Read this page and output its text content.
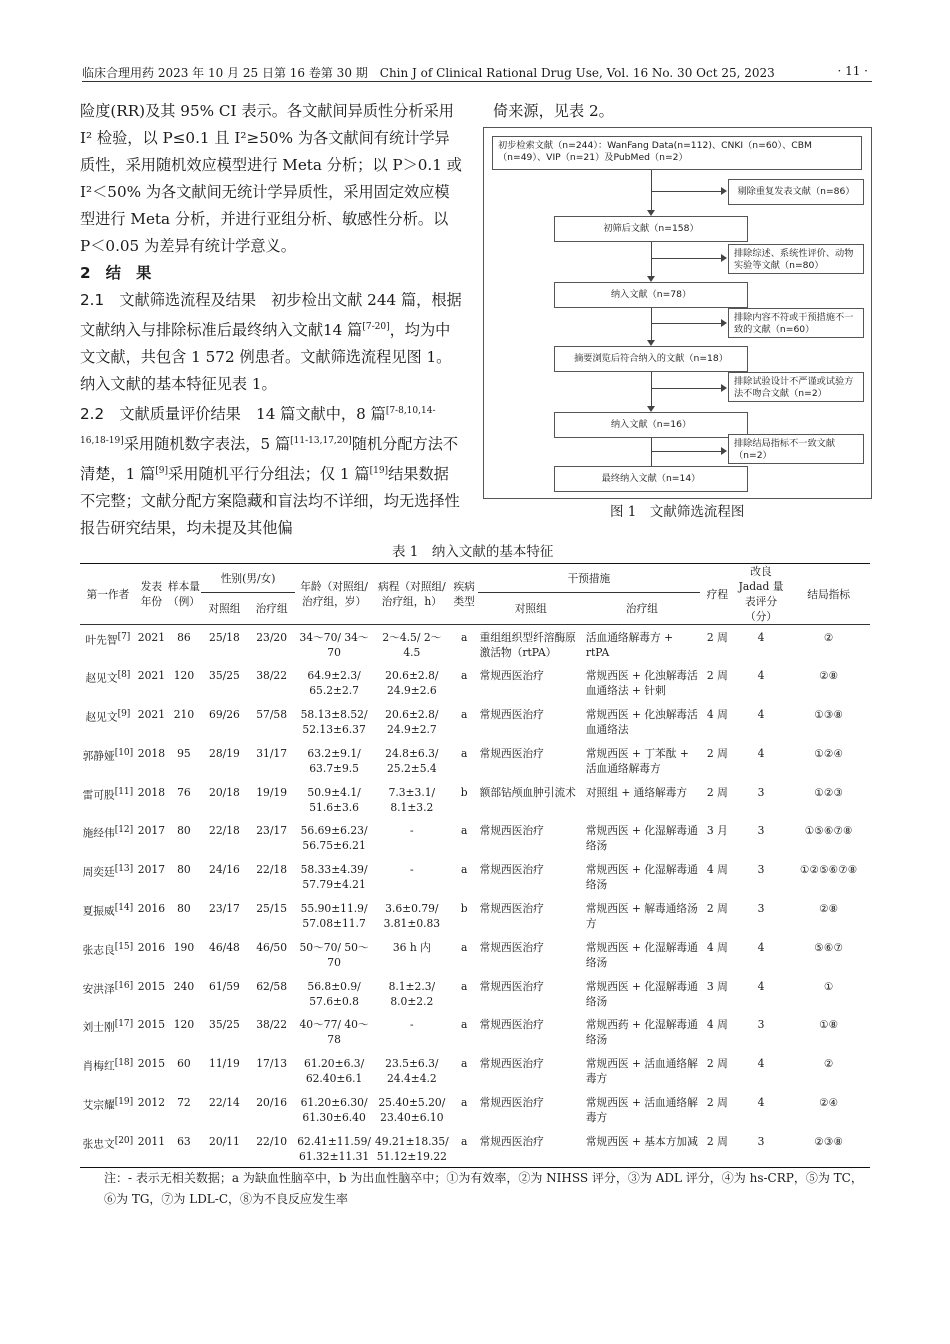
临床合理用药 2023 年 10 月 25 日第 16 卷第 30 期　Chin J of Clinical Rational Drug Use, Vol. 16 No. 30 Oct 25, 2023	· 11 ·

险度(RR)及其 95% CI 表示。各文献间异质性分析采用 I² 检验，以 P≤0.1 且 I²≥50% 为各文献间有统计学异质性，采用随机效应模型进行 Meta 分析；以 P＞0.1 或 I²＜50% 为各文献间无统计学异质性，采用固定效应模型进行 Meta 分析，并进行亚组分析、敏感性分析。以 P＜0.05 为差异有统计学意义。

2　结　果

2.1　文献筛选流程及结果　初步检出文献 244 篇，根据文献纳入与排除标准后最终纳入文献14 篇[7-20]，均为中文文献，共包含 1 572 例患者。文献筛选流程见图 1。纳入文献的基本特征见表 1。

2.2　文献质量评价结果　14 篇文献中，8 篇[7-8,10,14-16,18-19]采用随机数字表法，5 篇[11-13,17,20]随机分配方法不清楚，1 篇[9]采用随机平行分组法；仅 1 篇[19]结果数据不完整；文献分配方案隐藏和盲法均不详细，均无选择性报告研究结果，均未提及其他偏

倚来源，见表 2。
初步检索文献（n=244）：WanFang Data(n=112)、CNKI（n=60）、CBM（n=49）、VIP（n=21）及PubMed（n=2）
剔除重复发表文献（n=86）
初筛后文献（n=158）
排除综述、系统性评价、动物实验等文献（n=80）
纳入文献（n=78）
排除内容不符或干预措施不一致的文献（n=60）
摘要浏览后符合纳入的文献（n=18）
排除试验设计不严谨或试验方法不吻合文献（n=2）
纳入文献（n=16）
排除结局指标不一致文献（n=2）
最终纳入文献（n=14）
图 1　文献筛选流程图
表 1　纳入文献的基本特征
第一作者	发表年份	样本量（例）	性别(男/女)		年龄（对照组/治疗组，岁）	病程（对照组/治疗组，h）	疾病类型	干预措施		疗程	改良 Jadad 量表评分（分）	结局指标
			对照组	治疗组				对照组	治疗组			
叶先智[7]	2021	86	25/18	23/20	34～70/ 34～70	2～4.5/ 2～4.5	a	重组组织型纤溶酶原激活物（rtPA）	活血通络解毒方 + rtPA	2 周	4	②
赵见文[8]	2021	120	35/25	38/22	64.9±2.3/ 65.2±2.7	20.6±2.8/ 24.9±2.6	a	常规西医治疗	常规西医 + 化浊解毒活血通络法 + 针刺	2 周	4	②⑧
赵见文[9]	2021	210	69/26	57/58	58.13±8.52/ 52.13±6.37	20.6±2.8/ 24.9±2.7	a	常规西医治疗	常规西医 + 化浊解毒活血通络法	4 周	4	①③⑧
郭静娅[10]	2018	95	28/19	31/17	63.2±9.1/ 63.7±9.5	24.8±6.3/ 25.2±5.4	a	常规西医治疗	常规西医 + 丁苯酞 + 活血通络解毒方	2 周	4	①②④
雷可股[11]	2018	76	20/18	19/19	50.9±4.1/ 51.6±3.6	7.3±3.1/ 8.1±3.2	b	额部钻颅血肿引流术	对照组 + 通络解毒方	2 周	3	①②③
施经伟[12]	2017	80	22/18	23/17	56.69±6.23/ 56.75±6.21	-	a	常规西医治疗	常规西医 + 化湿解毒通络汤	3 月	3	①⑤⑥⑦⑧
周奕廷[13]	2017	80	24/16	22/18	58.33±4.39/ 57.79±4.21	-	a	常规西医治疗	常规西医 + 化湿解毒通络汤	4 周	3	①②⑤⑥⑦⑧
夏振威[14]	2016	80	23/17	25/15	55.90±11.9/ 57.08±11.7	3.6±0.79/ 3.81±0.83	b	常规西医治疗	常规西医 + 解毒通络汤方	2 周	3	②⑧
张志良[15]	2016	190	46/48	46/50	50～70/ 50～70	36 h 内	a	常规西医治疗	常规西医 + 化湿解毒通络汤	4 周	4	⑤⑥⑦
安洪泽[16]	2015	240	61/59	62/58	56.8±0.9/ 57.6±0.8	8.1±2.3/ 8.0±2.2	a	常规西医治疗	常规西医 + 化湿解毒通络汤	3 周	4	①
刘士刚[17]	2015	120	35/25	38/22	40～77/ 40～78	-	a	常规西医治疗	常规西药 + 化湿解毒通络汤	4 周	3	①⑧
肖梅红[18]	2015	60	11/19	17/13	61.20±6.3/ 62.40±6.1	23.5±6.3/ 24.4±4.2	a	常规西医治疗	常规西医 + 活血通络解毒方	2 周	4	②
艾宗耀[19]	2012	72	22/14	20/16	61.20±6.30/ 61.30±6.40	25.40±5.20/ 23.40±6.10	a	常规西医治疗	常规西医 + 活血通络解毒方	2 周	4	②④
张忠文[20]	2011	63	20/11	22/10	62.41±11.59/ 61.32±11.31	49.21±18.35/ 51.12±19.22	a	常规西医治疗	常规西医 + 基本方加减	2 周	3	②③⑧
注：- 表示无相关数据；a 为缺血性脑卒中，b 为出血性脑卒中；①为有效率，②为 NIHSS 评分，③为 ADL 评分，④为 hs-CRP，⑤为 TC，⑥为 TG，⑦为 LDL-C，⑧为不良反应发生率
